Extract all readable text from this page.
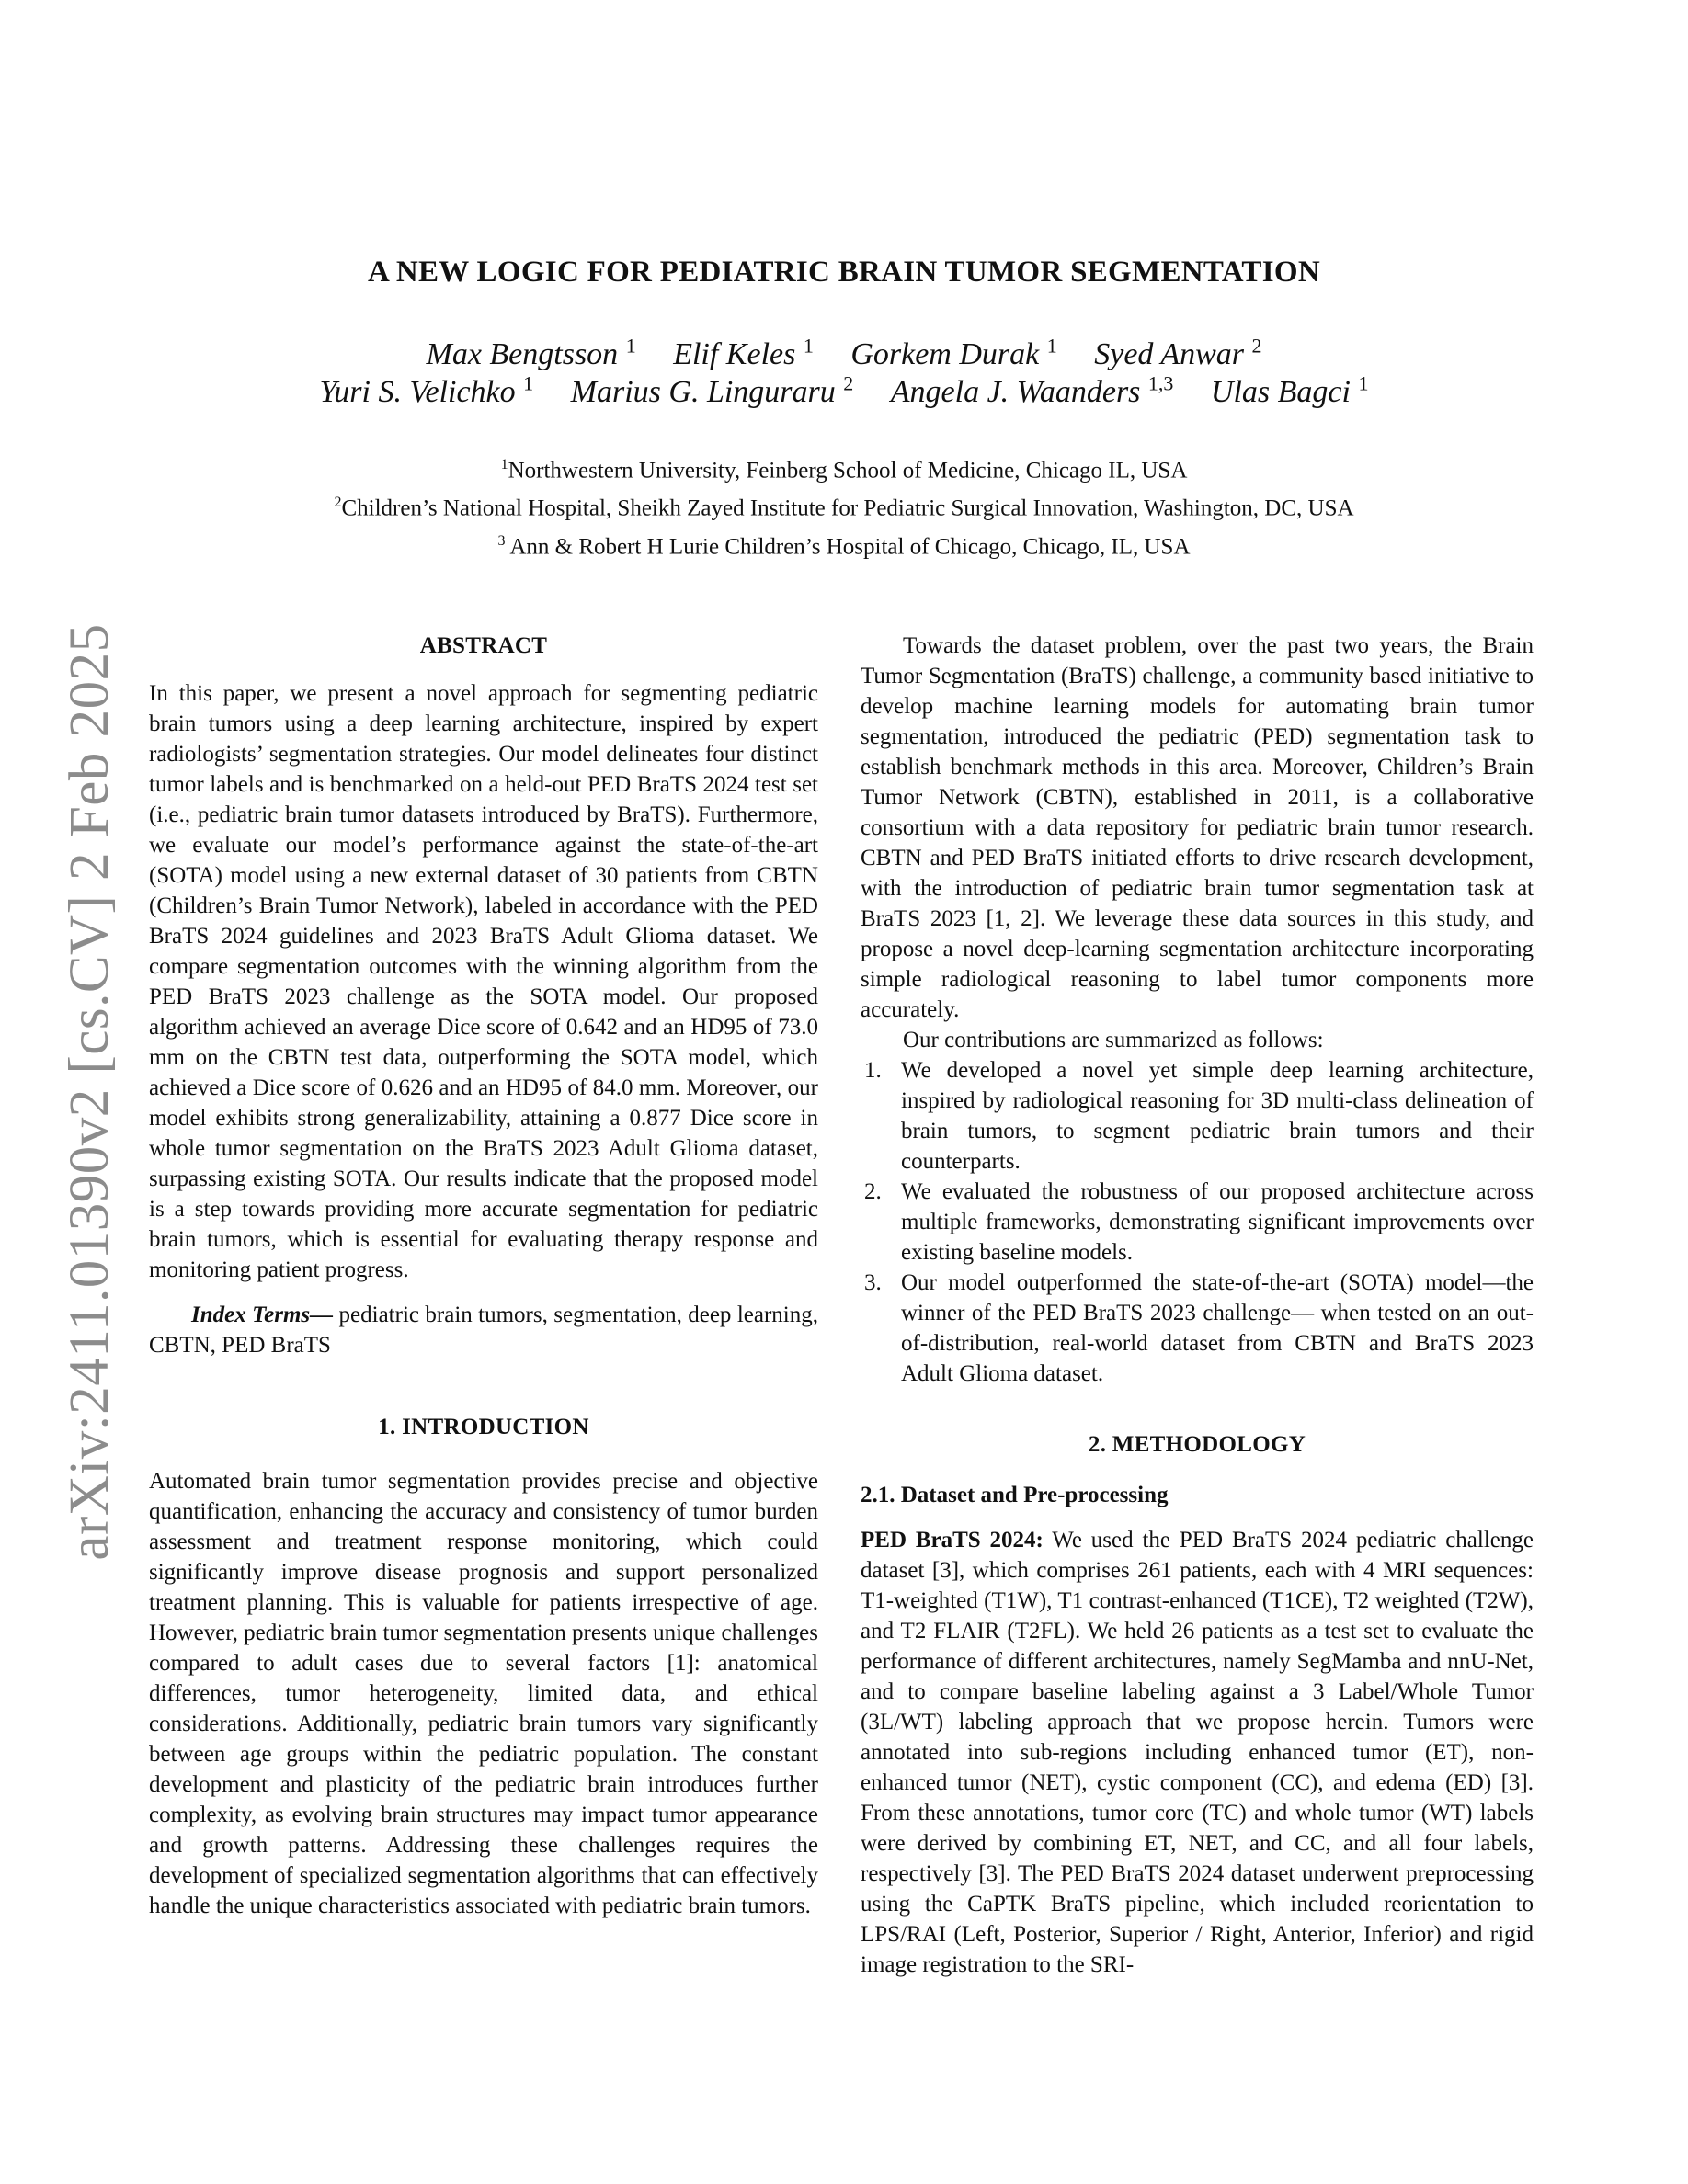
arXiv:2411.01390v2 [cs.CV] 2 Feb 2025
A NEW LOGIC FOR PEDIATRIC BRAIN TUMOR SEGMENTATION
Max Bengtsson $^1$ Elif Keles $^1$ Gorkem Durak $^1$ Syed Anwar $^2$
Yuri S. Velichko $^1$ Marius G. Linguraru $^2$ Angela J. Waanders $^{1,3}$ Ulas Bagci $^1$
$^1$Northwestern University, Feinberg School of Medicine, Chicago IL, USA
$^2$Children’s National Hospital, Sheikh Zayed Institute for Pediatric Surgical Innovation, Washington, DC, USA
$^3$ Ann & Robert H Lurie Children’s Hospital of Chicago, Chicago, IL, USA
ABSTRACT

In this paper, we present a novel approach for segmenting pediatric brain tumors using a deep learning architecture, inspired by expert radiologists’ segmentation strategies. Our model delineates four distinct tumor labels and is benchmarked on a held-out PED BraTS 2024 test set (i.e., pediatric brain tumor datasets introduced by BraTS). Furthermore, we evaluate our model’s performance against the state-of-the-art (SOTA) model using a new external dataset of 30 patients from CBTN (Children’s Brain Tumor Network), labeled in accordance with the PED BraTS 2024 guidelines and 2023 BraTS Adult Glioma dataset. We compare segmentation outcomes with the winning algorithm from the PED BraTS 2023 challenge as the SOTA model. Our proposed algorithm achieved an average Dice score of 0.642 and an HD95 of 73.0 mm on the CBTN test data, outperforming the SOTA model, which achieved a Dice score of 0.626 and an HD95 of 84.0 mm. Moreover, our model exhibits strong generalizability, attaining a 0.877 Dice score in whole tumor segmentation on the BraTS 2023 Adult Glioma dataset, surpassing existing SOTA. Our results indicate that the proposed model is a step towards providing more accurate segmentation for pediatric brain tumors, which is essential for evaluating therapy response and monitoring patient progress.

Index Terms— pediatric brain tumors, segmentation, deep learning, CBTN, PED BraTS

1. INTRODUCTION

Automated brain tumor segmentation provides precise and objective quantification, enhancing the accuracy and consistency of tumor burden assessment and treatment response monitoring, which could significantly improve disease prognosis and support personalized treatment planning. This is valuable for patients irrespective of age. However, pediatric brain tumor segmentation presents unique challenges compared to adult cases due to several factors [1]: anatomical differences, tumor heterogeneity, limited data, and ethical considerations. Additionally, pediatric brain tumors vary significantly between age groups within the pediatric population. The constant development and plasticity of the pediatric brain introduces further complexity, as evolving brain structures may impact tumor appearance and growth patterns. Addressing these challenges requires the development of specialized segmentation algorithms that can effectively handle the unique characteristics associated with pediatric brain tumors.

Towards the dataset problem, over the past two years, the Brain Tumor Segmentation (BraTS) challenge, a community based initiative to develop machine learning models for automating brain tumor segmentation, introduced the pediatric (PED) segmentation task to establish benchmark methods in this area. Moreover, Children’s Brain Tumor Network (CBTN), established in 2011, is a collaborative consortium with a data repository for pediatric brain tumor research. CBTN and PED BraTS initiated efforts to drive research development, with the introduction of pediatric brain tumor segmentation task at BraTS 2023 [1, 2]. We leverage these data sources in this study, and propose a novel deep-learning segmentation architecture incorporating simple radiological reasoning to label tumor components more accurately.

Our contributions are summarized as follows:

1. We developed a novel yet simple deep learning architecture, inspired by radiological reasoning for 3D multi-class delineation of brain tumors, to segment pediatric brain tumors and their counterparts.
2. We evaluated the robustness of our proposed architecture across multiple frameworks, demonstrating significant improvements over existing baseline models.
3. Our model outperformed the state-of-the-art (SOTA) model—the winner of the PED BraTS 2023 challenge— when tested on an out-of-distribution, real-world dataset from CBTN and BraTS 2023 Adult Glioma dataset.
2. METHODOLOGY
2.1. Dataset and Pre-processing

PED BraTS 2024: We used the PED BraTS 2024 pediatric challenge dataset [3], which comprises 261 patients, each with 4 MRI sequences: T1-weighted (T1W), T1 contrast-enhanced (T1CE), T2 weighted (T2W), and T2 FLAIR (T2FL). We held 26 patients as a test set to evaluate the performance of different architectures, namely SegMamba and nnU-Net, and to compare baseline labeling against a 3 Label/Whole Tumor (3L/WT) labeling approach that we propose herein. Tumors were annotated into sub-regions including enhanced tumor (ET), non-enhanced tumor (NET), cystic component (CC), and edema (ED) [3]. From these annotations, tumor core (TC) and whole tumor (WT) labels were derived by combining ET, NET, and CC, and all four labels, respectively [3]. The PED BraTS 2024 dataset underwent preprocessing using the CaPTK BraTS pipeline, which included reorientation to LPS/RAI (Left, Posterior, Superior / Right, Anterior, Inferior) and rigid image registration to the SRI-
